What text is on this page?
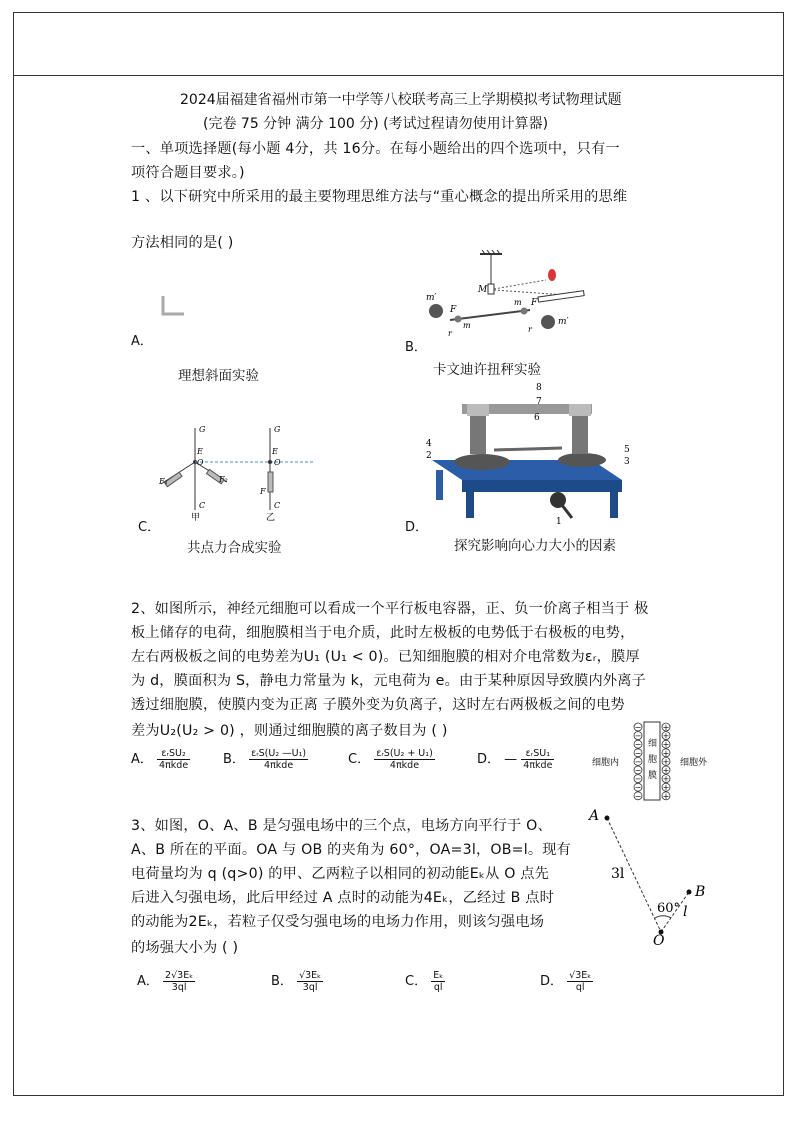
2024届福建省福州市第一中学等八校联考高三上学期模拟考试物理试题
(完卷 75 分钟 满分 100 分) (考试过程请勿使用计算器)
一、单项选择题(每小题 4分，共 16分。在每小题给出的四个选项中，只有一
项符合题目要求。)
1 、以下研究中所采用的最主要物理思维方法与“重心概念的提出所采用的思维
方法相同的是( )
A．
理想斜面实验
B．
m′
M
F
m
r
m F
r
m′
卡文迪许扭秤实验
C．
G
E
O
F₁	F₂
C
甲
G
E
O
F
C
乙
共点力合成实验
D．
8
7
6
4
2
5
3
1
探究影响向心力大小的因素
2、如图所示，神经元细胞可以看成一个平行板电容器，正、负一价离子相当于 极
板上储存的电荷，细胞膜相当于电介质，此时左极板的电势低于右极板的电势，
左右两极板之间的电势差为U₁ (U₁ < 0)。已知细胞膜的相对介电常数为εᵣ，膜厚
为 d，膜面积为 S，静电力常量为 k，元电荷为 e。由于某种原因导致膜内外离子
透过细胞膜，使膜内变为正离 子膜外变为负离子，这时左右两极板之间的电势
差为U₂(U₂ > 0) ，则通过细胞膜的离子数目为 ( )
A． $\frac{\text{εᵣSU₂}}{\text{4πkde}}$	B． $\frac{\text{εᵣS(U₂ —U₁)}}{\text{4πkde}}$	C． $\frac{\text{εᵣS(U₂ + U₁)}}{\text{4πkde}}$	D． — $\frac{\text{εᵣSU₁}}{\text{4πkde}}$	细胞内	细胞外
细
胞
膜
−
−
−
−
−
−
−
−
−
+
+
+
+
+
+
+
+
+
3、如图，O、A、B 是匀强电场中的三个点，电场方向平行于 O、
A、B 所在的平面。OA 与 OB 的夹角为 60°，OA=3l，OB=l。现有
电荷量均为 q (q>0) 的甲、乙两粒子以相同的初动能Eₖ从 O 点先
后进入匀强电场，此后甲经过 A 点时的动能为4Eₖ，乙经过 B 点时
的动能为2Eₖ，若粒子仅受匀强电场的电场力作用，则该匀强电场
的场强大小为 ( )
A． $\frac{\text{2√3Eₖ}}{3ql}$	B． $\frac{\text{√3Eₖ}}{3ql}$	C． $\frac{\text{Eₖ}}{ql}$	D． $\frac{\text{√3Eₖ}}{ql}$
A
B
O
3l
l
60°
